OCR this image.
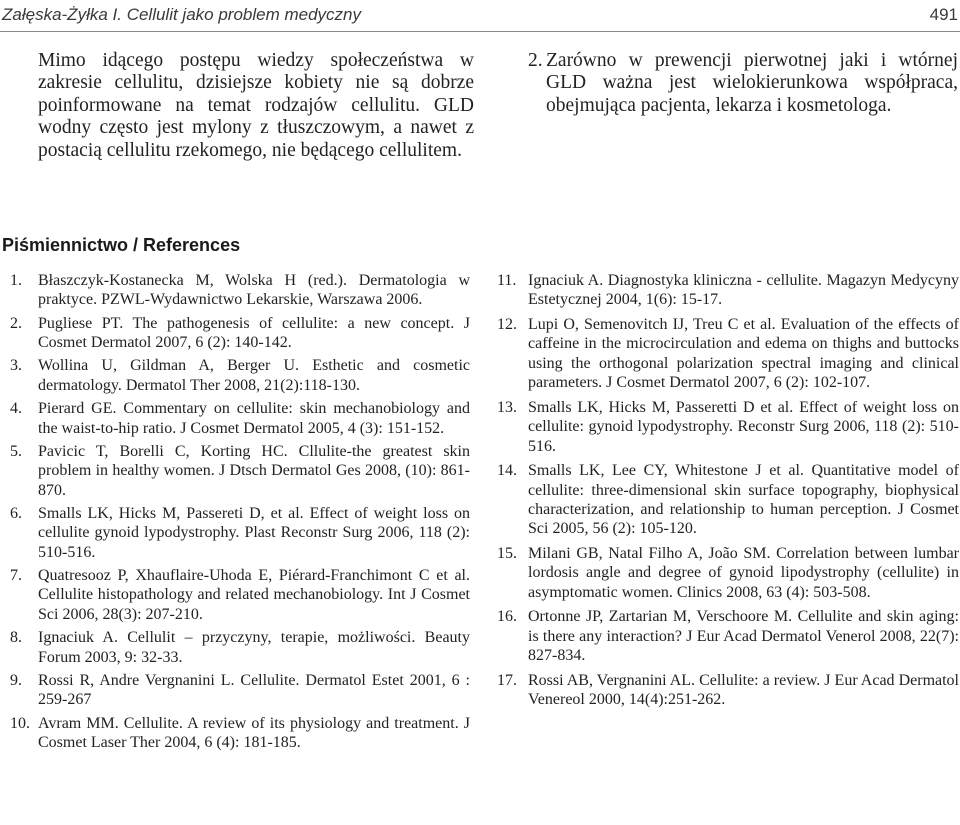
Załęska-Żyłka I. Cellulit jako problem medyczny	491
Mimo idącego postępu wiedzy społeczeństwa w zakresie cellulitu, dzisiejsze kobiety nie są dobrze poinformowane na temat rodzajów cellulitu. GLD wodny często jest mylony z tłuszczowym, a nawet z postacią cellulitu rzekomego, nie będącego cellulitem.
2. Zarówno w prewencji pierwotnej jaki i wtórnej GLD ważna jest wielokierunkowa współpraca, obejmująca pacjenta, lekarza i kosmetologa.
Piśmiennictwo / References
1.	Błaszczyk-Kostanecka M, Wolska H (red.). Dermatologia w praktyce. PZWL-Wydawnictwo Lekarskie, Warszawa 2006.
2.	Pugliese PT. The pathogenesis of cellulite: a new concept. J Cosmet Dermatol 2007, 6 (2): 140-142.
3.	Wollina U, Gildman A, Berger U. Esthetic and cosmetic dermatology. Dermatol Ther 2008, 21(2):118-130.
4.	Pierard GE. Commentary on cellulite: skin mechanobiology and the waist-to-hip ratio. J Cosmet Dermatol 2005, 4 (3): 151-152.
5.	Pavicic T, Borelli C, Korting HC. Cllulite-the greatest skin problem in healthy women. J Dtsch Dermatol Ges 2008, (10): 861-870.
6.	Smalls LK, Hicks M, Passereti D, et al. Effect of weight loss on cellulite gynoid lypodystrophy. Plast Reconstr Surg 2006, 118 (2): 510-516.
7.	Quatresooz P, Xhauflaire-Uhoda E, Piérard-Franchimont C et al. Cellulite histopathology and related mechanobiology. Int J Cosmet Sci 2006, 28(3): 207-210.
8.	Ignaciuk A. Cellulit – przyczyny, terapie, możliwości. Beauty Forum 2003, 9: 32-33.
9.	Rossi R, Andre Vergnanini L. Cellulite. Dermatol Estet 2001, 6 : 259-267
10. Avram MM. Cellulite. A review of its physiology and treatment. J Cosmet Laser Ther 2004, 6 (4): 181-185.
11. Ignaciuk A. Diagnostyka kliniczna - cellulite. Magazyn Medycyny Estetycznej 2004, 1(6): 15-17.
12. Lupi O, Semenovitch IJ, Treu C et al. Evaluation of the effects of caffeine in the microcirculation and edema on thighs and buttocks using the orthogonal polarization spectral imaging and clinical parameters. J Cosmet Dermatol 2007, 6 (2): 102-107.
13. Smalls LK, Hicks M, Passeretti D et al. Effect of weight loss on cellulite: gynoid lypodystrophy. Reconstr Surg 2006, 118 (2): 510-516.
14. Smalls LK, Lee CY, Whitestone J et al. Quantitative model of cellulite: three-dimensional skin surface topography, biophysical characterization, and relationship to human perception. J Cosmet Sci 2005, 56 (2): 105-120.
15. Milani GB, Natal Filho A, João SM. Correlation between lumbar lordosis angle and degree of gynoid lipodystrophy (cellulite) in asymptomatic women. Clinics 2008, 63 (4): 503-508.
16. Ortonne JP, Zartarian M, Verschoore M. Cellulite and skin aging: is there any interaction? J Eur Acad Dermatol Venerol 2008, 22(7): 827-834.
17. Rossi AB, Vergnanini AL. Cellulite: a review. J Eur Acad Dermatol Venereol 2000, 14(4):251-262.
